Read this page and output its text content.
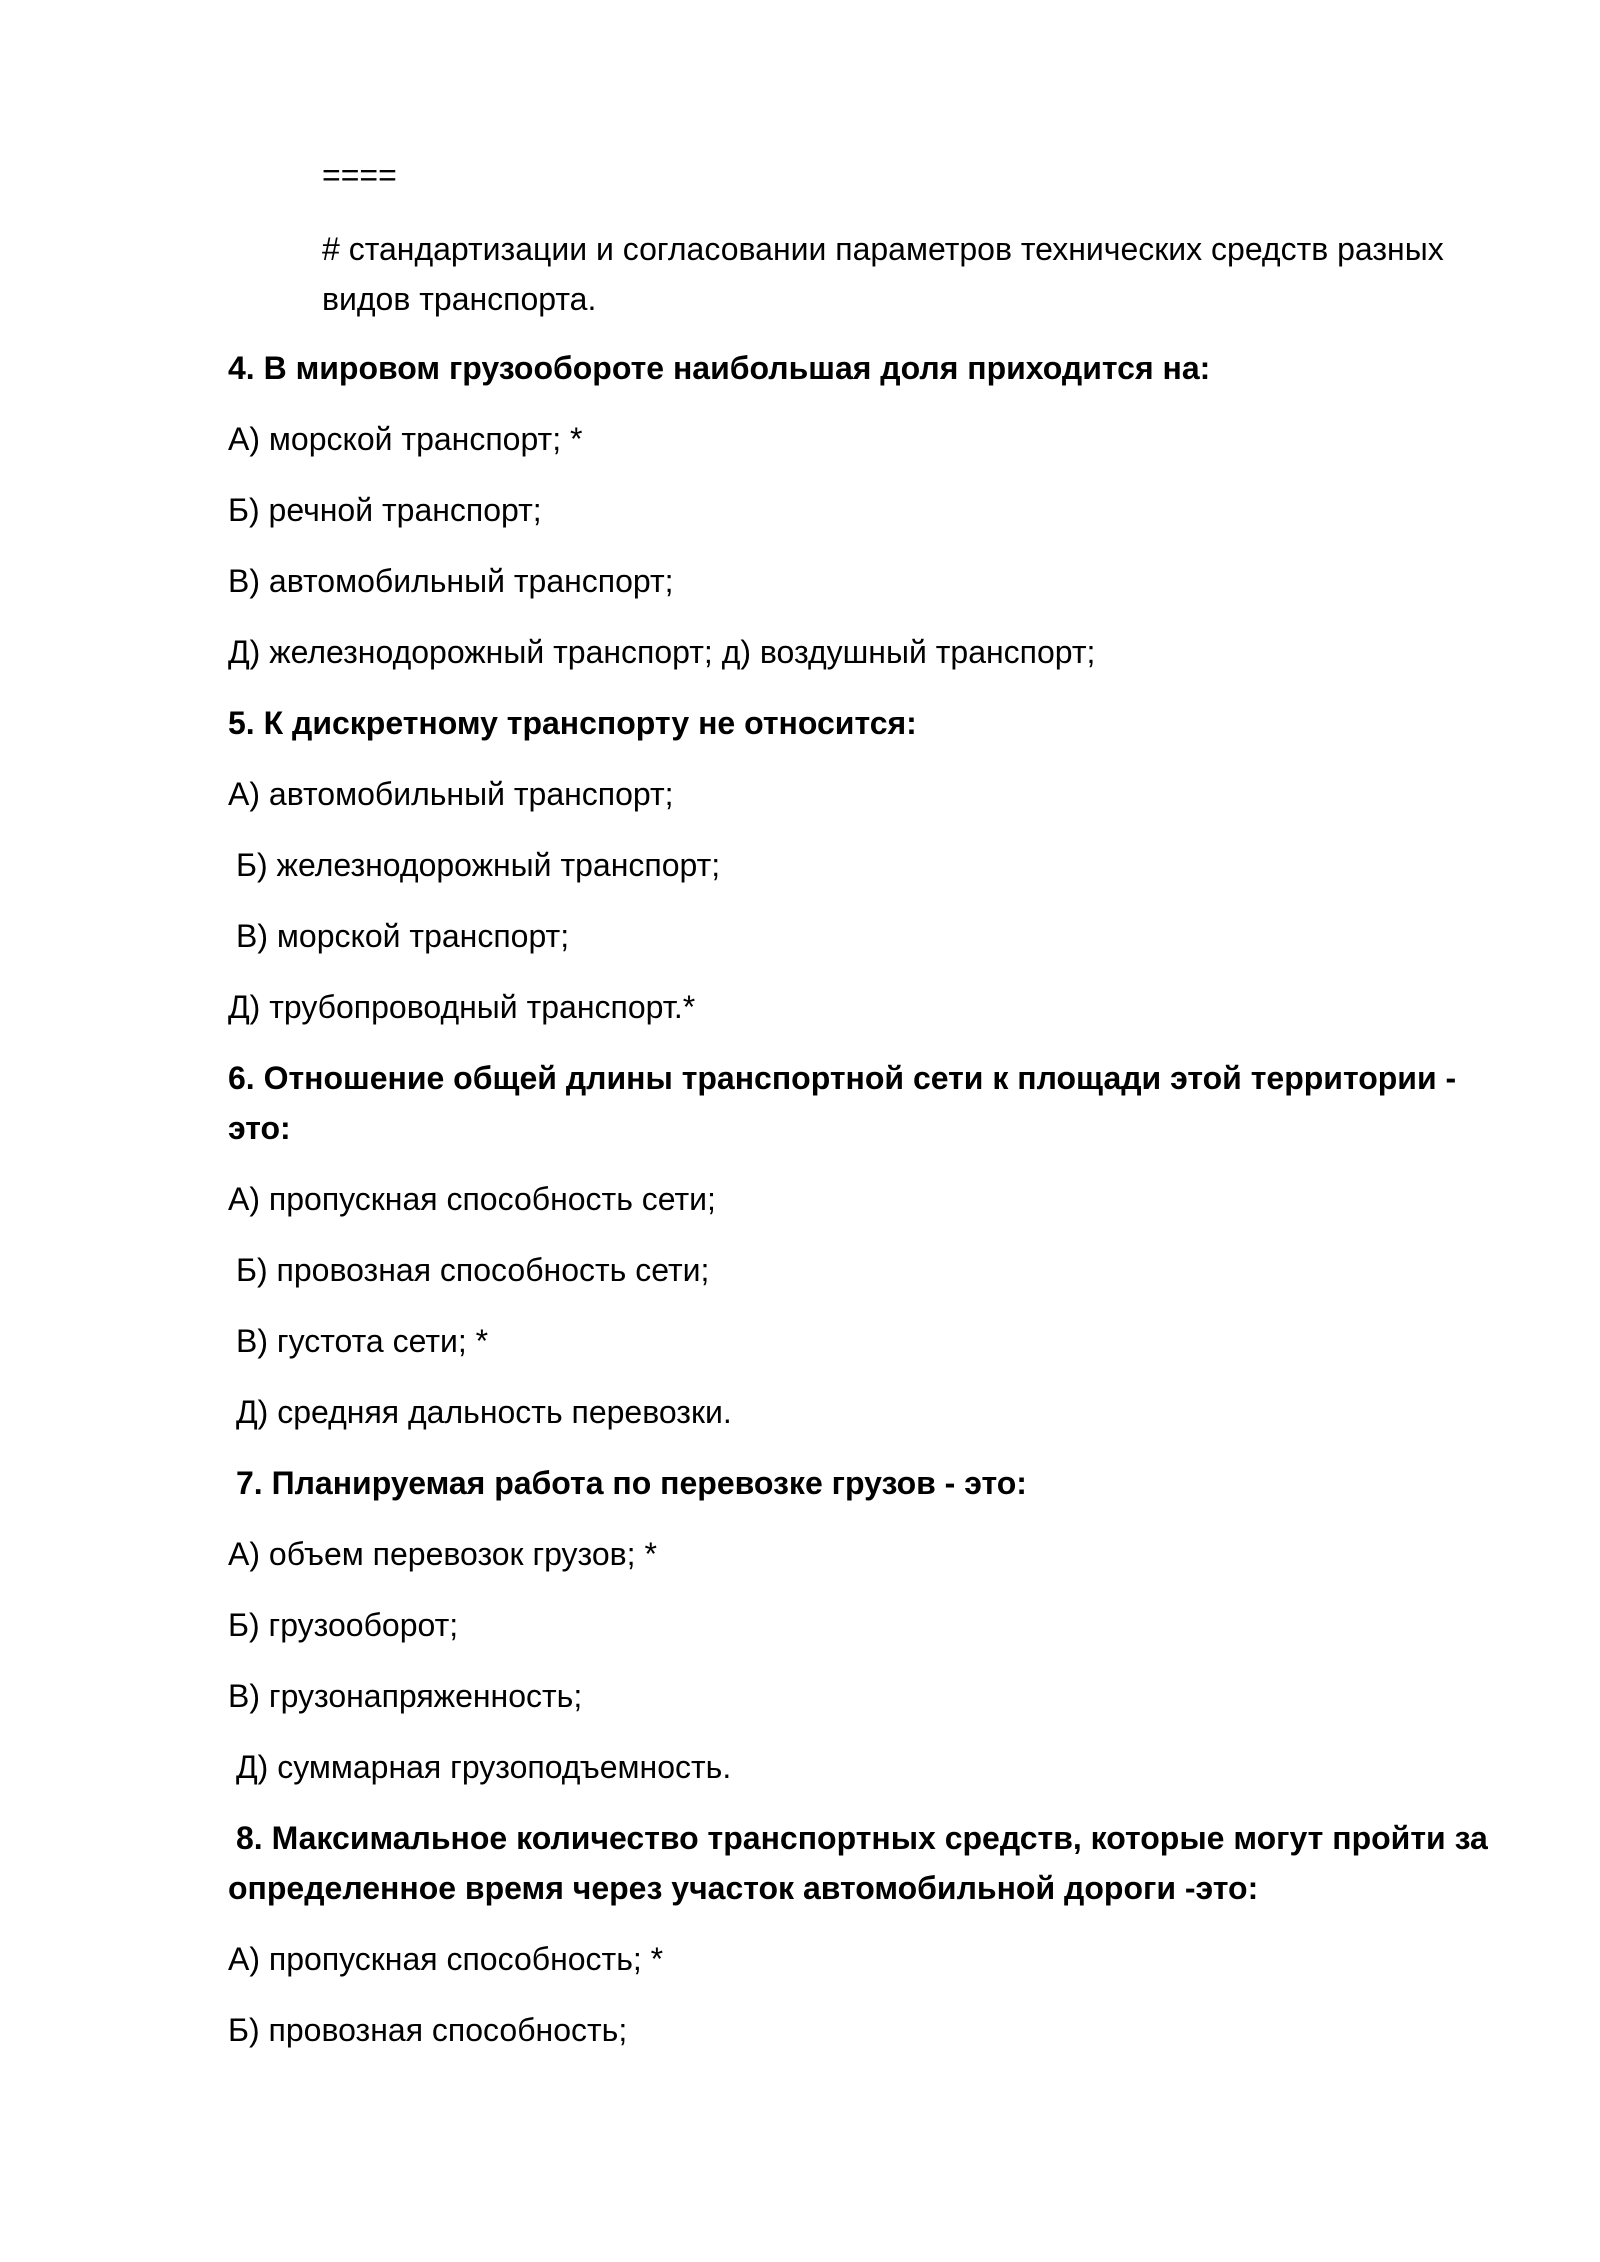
====
# стандартизации и согласовании параметров технических средств разных видов транспорта.
4. В мировом грузообороте наибольшая доля приходится на:
А) морской транспорт; *
Б) речной транспорт;
В) автомобильный транспорт;
Д) железнодорожный транспорт; д) воздушный транспорт;
5. К дискретному транспорту не относится:
А) автомобильный транспорт;
Б) железнодорожный транспорт;
В) морской транспорт;
Д) трубопроводный транспорт.*
6. Отношение общей длины транспортной сети к площади этой территории - это:
А) пропускная способность сети;
Б) провозная способность сети;
В) густота сети; *
Д) средняя дальность перевозки.
7. Планируемая работа по перевозке грузов - это:
А) объем перевозок грузов; *
Б) грузооборот;
В) грузонапряженность;
Д) суммарная грузоподъемность.
8. Максимальное количество транспортных средств, которые могут пройти за определенное время через участок автомобильной дороги -это:
А) пропускная способность; *
Б) провозная способность;
